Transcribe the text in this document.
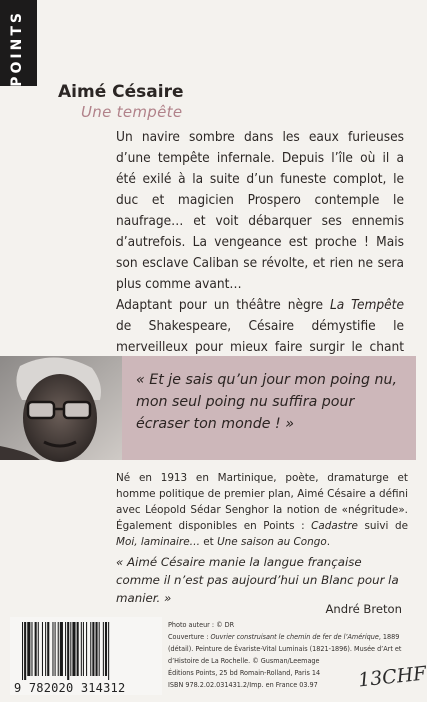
POINTS
Aimé Césaire
Une tempête

Un navire sombre dans les eaux furieuses d’une tempête infernale. Depuis l’île où il a été exilé à la suite d’un funeste complot, le duc et magicien Prospero contemple le naufrage… et voit débarquer ses ennemis d’autrefois. La vengeance est proche ! Mais son esclave Caliban se révolte, et rien ne sera plus comme avant…

Adaptant pour un théâtre nègre La Tempête de Shakespeare, Césaire démystifie le merveilleux pour mieux faire surgir le chant

« Et je sais qu’un jour mon poing nu, mon seul poing nu suffira pour écraser ton monde ! »
Né en 1913 en Martinique, poète, dramaturge et homme politique de premier plan, Aimé Césaire a défini avec Léopold Sédar Senghor la notion de «négritude». Également disponibles en Points : Cadastre suivi de Moi, laminaire… et Une saison au Congo.
« Aimé Césaire manie la langue française comme il n’est pas aujourd’hui un Blanc pour la manier. »
André Breton
9 782020 314312
Photo auteur : © DR
Couverture : Ouvrier construisant le chemin de fer de l’Amérique, 1889 (détail). Peinture de Évariste-Vital Luminais (1821-1896). Musée d’Art et d’Histoire de La Rochelle. © Gusman/Leemage
Éditions Points, 25 bd Romain-Rolland, Paris 14
ISBN 978.2.02.031431.2/Imp. en France 03.97	13CHF
